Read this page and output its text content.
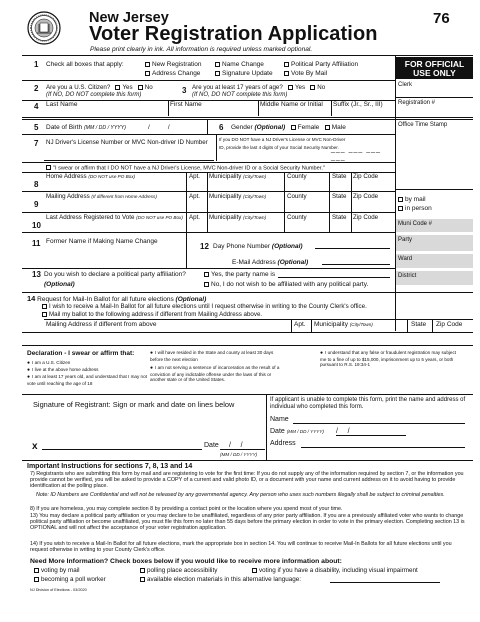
New Jersey
Voter Registration Application
Please print clearly in ink. All information is required unless marked optional.
76
FOR OFFICIAL USE ONLY
1 Check all boxes that apply:	New Registration	Name Change	Political Party Affiliation
Address Change	Signature Update	Vote By Mail
Clerk
2 Are you a U.S. Citizen? Yes No
(If NO, DO NOT complete this form)	3 Are you at least 17 years of age? Yes No
(If NO, DO NOT complete this form)
4 Last Name	First Name	Middle Name or Initial Suffix (Jr., Sr., III)	Registration #
5 Date of Birth (MM / DD / YYYY)	/          /	6 Gender (Optional) Female Male	Office Time Stamp
7 NJ Driver's License Number or MVC Non-driver ID Number If you DO NOT have a NJ Driver's License or MVC Non-Driver
ID, provide the last 4 digits of your Social Security Number.
___ ___ ___ ___
"I swear or affirm that I DO NOT have a NJ Driver's License, MVC Non-driver ID or a Social Security Number."
8
Home Address (DO NOT use PO Box)	Apt. Municipality (City/Town)	County	State Zip Code
9
Mailing Address (If different from Home Address)	Apt. Municipality (City/Town)	County	State Zip Code
10
Last Address Registered to Vote (DO NOT use PO Box) Apt. Municipality (City/Town)	County	State Zip Code
by mail
in person
Muni Code #
Party
Ward
District
11 Former Name if Making Name Change
12 Day Phone Number (Optional)
E-Mail Address (Optional)
13 Do you wish to declare a political party affiliation?
(Optional)
Yes, the party name is
No, I do not wish to be affiliated with any political party.
14 Request for Mail-In Ballot for all future elections (Optional)
I wish to receive a Mail-In Ballot for all future elections until I request otherwise in writing to the County Clerk's office.
Mail my ballot to the following address if different from Mailing Address above.
Mailing Address if different from above	Apt. Municipality (City/Town)	State Zip Code
Declaration - I swear or affirm that:
● I am a U.S. Citizen
● I live at the above home address
● I am at least 17 years old, and understand that I may not vote until reaching the age of 18
● I will have resided in the State and county at least 30 days before the next election
● I am not serving a sentence of incarceration as the result of a conviction of any indictable offense under the laws of this or another state or of the United States.
● I understand that any false or fraudulent registration may subject me to a fine of up to $15,000, imprisonment up to 5 years, or both pursuant to R.S. 19:34-1
Signature of Registrant: Sign or mark and date on lines below
x	Date /     /
(MM / DD / YYYY)
If applicant is unable to complete this form, print the name and address of individual who completed this form.
Name
Date (MM / DD / YYYY) /     /
Address
Important Instructions for sections 7, 8, 13 and 14
7) Registrants who are submitting this form by mail and are registering to vote for the first time: If you do not supply any of the information required by section 7, or the information you provide cannot be verified, you will be asked to provide a COPY of a current and valid photo ID, or a document with your name and current address on it to avoid having to provide identification at the polling place.
Note: ID Numbers are Confidential and will not be released by any governmental agency. Any person who uses such numbers illegally shall be subject to criminal penalties.
8) If you are homeless, you may complete section 8 by providing a contact point or the location where you spend most of your time.
13) You may declare a political party affiliation or you may declare to be unaffiliated, regardless of any prior party affiliation. If you are a previously affiliated voter who wants to change political party affiliation or become unaffiliated, you must file this form no later than 55 days before the primary election in order to vote in the primary election. Completing section 13 is OPTIONAL and will not affect the acceptance of your voter registration application.
14) If you wish to receive a Mail-In Ballot for all future elections, mark the appropriate box in section 14. You will continue to receive Mail-In Ballots for all future elections until you request otherwise in writing to your County Clerk's office.
Need More Information? Check boxes below if you would like to receive more information about:
voting by mail	polling place accessibility	voting if you have a disability, including visual impairment
becoming a poll worker	available election materials in this alternative language:
NJ Division of Elections - 03/2020
